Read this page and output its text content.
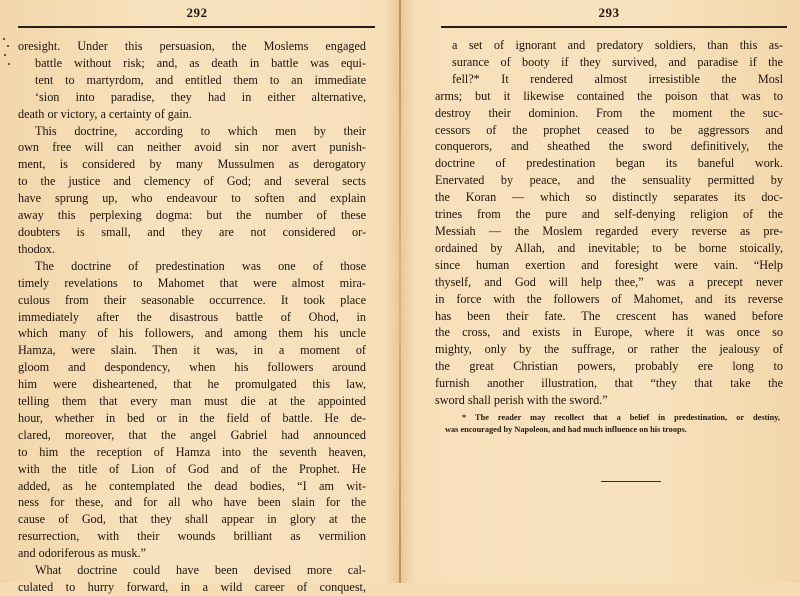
292
oresight. Under this persuasion, the Moslems engaged
battle without risk; and, as death in battle was equi-
tent to martyrdom, and entitled them to an immediate
‘sion into paradise, they had in either alternative,
death or victory, a certainty of gain.
This doctrine, according to which men by their
own free will can neither avoid sin nor avert punish-
ment, is considered by many Mussulmen as derogatory
to the justice and clemency of God; and several sects
have sprung up, who endeavour to soften and explain
away this perplexing dogma: but the number of these
doubters is small, and they are not considered or-
thodox.
The doctrine of predestination was one of those
timely revelations to Mahomet that were almost mira-
culous from their seasonable occurrence. It took place
immediately after the disastrous battle of Ohod, in
which many of his followers, and among them his uncle
Hamza, were slain. Then it was, in a moment of
gloom and despondency, when his followers around
him were disheartened, that he promulgated this law,
telling them that every man must die at the appointed
hour, whether in bed or in the field of battle. He de-
clared, moreover, that the angel Gabriel had announced
to him the reception of Hamza into the seventh heaven,
with the title of Lion of God and of the Prophet. He
added, as he contemplated the dead bodies, “I am wit-
ness for these, and for all who have been slain for the
cause of God, that they shall appear in glory at the
resurrection, with their wounds brilliant as vermilion
and odoriferous as musk.”
What doctrine could have been devised more cal-
culated to hurry forward, in a wild career of conquest,
293
a set of ignorant and predatory soldiers, than this as-
surance of booty if they survived, and paradise if the
fell?* It rendered almost irresistible the Mosl
arms; but it likewise contained the poison that was to
destroy their dominion. From the moment the suc-
cessors of the prophet ceased to be aggressors and
conquerors, and sheathed the sword definitively, the
doctrine of predestination began its baneful work.
Enervated by peace, and the sensuality permitted by
the Koran — which so distinctly separates its doc-
trines from the pure and self-denying religion of the
Messiah — the Moslem regarded every reverse as pre-
ordained by Allah, and inevitable; to be borne stoically,
since human exertion and foresight were vain. “Help
thyself, and God will help thee,” was a precept never
in force with the followers of Mahomet, and its reverse
has been their fate. The crescent has waned before
the cross, and exists in Europe, where it was once so
mighty, only by the suffrage, or rather the jealousy of
the great Christian powers, probably ere long to
furnish another illustration, that “they that take the
sword shall perish with the sword.”
* The reader may recollect that a belief in predestination, or destiny,
was encouraged by Napoleon, and had much influence on his troops.
